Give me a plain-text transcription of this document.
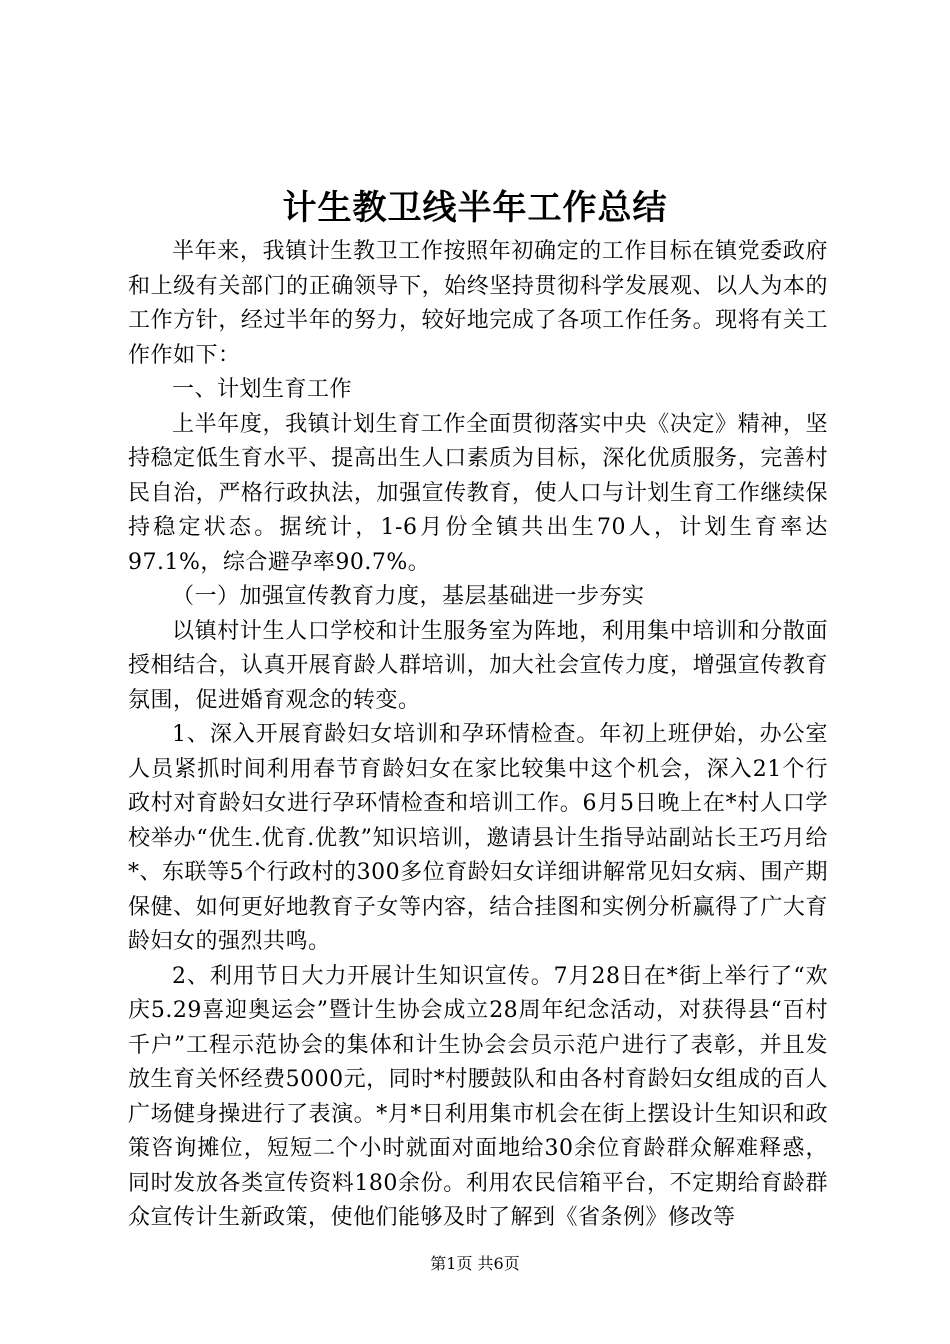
计生教卫线半年工作总结

半年来，我镇计生教卫工作按照年初确定的工作目标在镇党委政府和上级有关部门的正确领导下，始终坚持贯彻科学发展观、以人为本的工作方针，经过半年的努力，较好地完成了各项工作任务。现将有关工作作如下：

一、计划生育工作

上半年度，我镇计划生育工作全面贯彻落实中央《决定》精神，坚持稳定低生育水平、提高出生人口素质为目标，深化优质服务，完善村民自治，严格行政执法，加强宣传教育，使人口与计划生育工作继续保持稳定状态。据统计，1-6月份全镇共出生70人，计划生育率达97.1%，综合避孕率90.7%。

（一）加强宣传教育力度，基层基础进一步夯实

以镇村计生人口学校和计生服务室为阵地，利用集中培训和分散面授相结合，认真开展育龄人群培训，加大社会宣传力度，增强宣传教育氛围，促进婚育观念的转变。

1、深入开展育龄妇女培训和孕环情检查。年初上班伊始，办公室人员紧抓时间利用春节育龄妇女在家比较集中这个机会，深入21个行政村对育龄妇女进行孕环情检查和培训工作。6月5日晚上在*村人口学校举办“优生.优育.优教”知识培训，邀请县计生指导站副站长王巧月给*、东联等5个行政村的300多位育龄妇女详细讲解常见妇女病、围产期保健、如何更好地教育子女等内容，结合挂图和实例分析赢得了广大育龄妇女的强烈共鸣。

2、利用节日大力开展计生知识宣传。7月28日在*街上举行了“欢庆5.29喜迎奥运会”暨计生协会成立28周年纪念活动，对获得县“百村千户”工程示范协会的集体和计生协会会员示范户进行了表彰，并且发放生育关怀经费5000元，同时*村腰鼓队和由各村育龄妇女组成的百人广场健身操进行了表演。*月*日利用集市机会在街上摆设计生知识和政策咨询摊位，短短二个小时就面对面地给30余位育龄群众解难释惑，同时发放各类宣传资料180余份。利用农民信箱平台，不定期给育龄群众宣传计生新政策，使他们能够及时了解到《省条例》修改等

第1页 共6页
